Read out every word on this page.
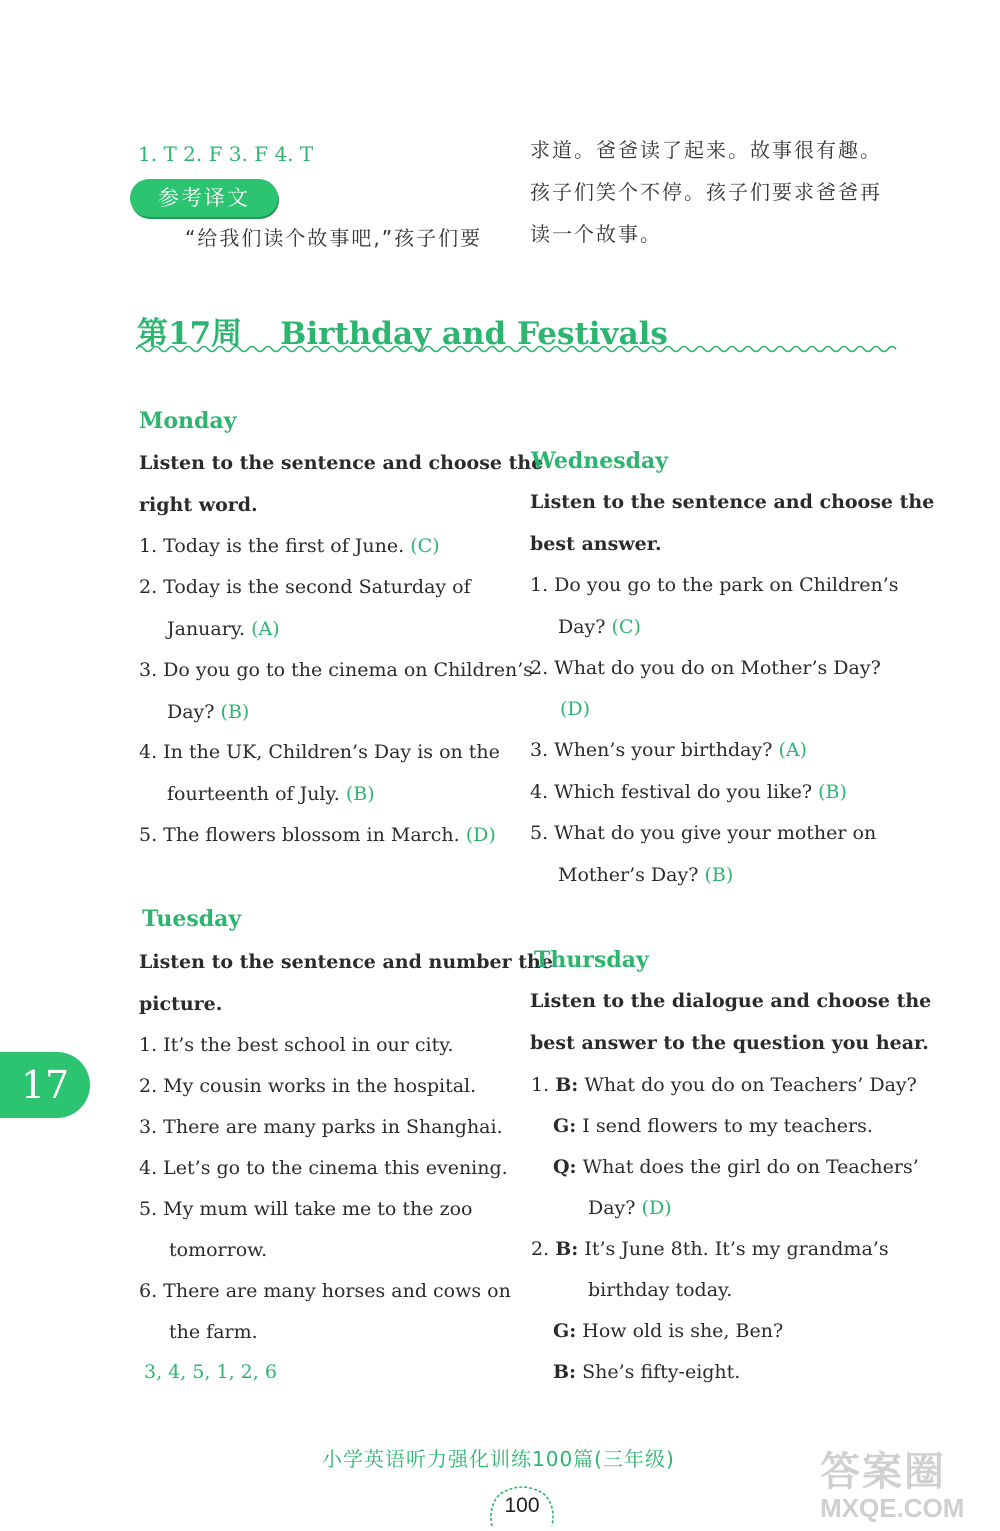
1. T 2. F 3. F 4. T
参考译文
“给我们读个故事吧,”孩子们要
求道。爸爸读了起来。故事很有趣。
孩子们笑个不停。孩子们要求爸爸再
读一个故事。
第17周 Birthday and Festivals
Monday
Listen to the sentence and choose the
right word.
1. Today is the first of June. (C)
2. Today is the second Saturday of
January. (A)
3. Do you go to the cinema on Children’s
Day? (B)
4. In the UK, Children’s Day is on the
fourteenth of July. (B)
5. The flowers blossom in March. (D)
Tuesday
Listen to the sentence and number the
picture.
1. It’s the best school in our city.
2. My cousin works in the hospital.
3. There are many parks in Shanghai.
4. Let’s go to the cinema this evening.
5. My mum will take me to the zoo
tomorrow.
6. There are many horses and cows on
the farm.
3, 4, 5, 1, 2, 6
Wednesday
Listen to the sentence and choose the
best answer.
1. Do you go to the park on Children’s
Day? (C)
2. What do you do on Mother’s Day?
(D)
3. When’s your birthday? (A)
4. Which festival do you like? (B)
5. What do you give your mother on
Mother’s Day? (B)
Thursday
Listen to the dialogue and choose the
best answer to the question you hear.
1. B: What do you do on Teachers’ Day?
G: I send flowers to my teachers.
Q: What does the girl do on Teachers’
Day? (D)
2. B: It’s June 8th. It’s my grandma’s
birthday today.
G: How old is she, Ben?
B: She’s fifty-eight.
17
小学英语听力强化训练100篇(三年级)
100
答案圈
MXQE.COM
